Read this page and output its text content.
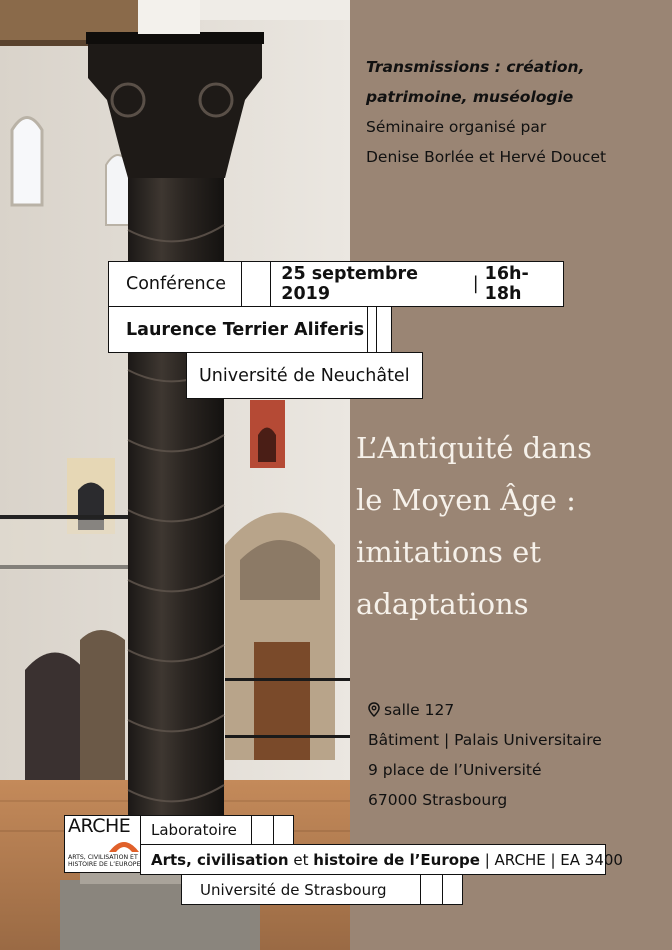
Transmissions : création,
patrimoine, muséologie
Séminaire organisé par
Denise Borlée et Hervé Doucet
Conférence	25 septembre 2019	| 16h-18h
Laurence Terrier Aliferis
Université de Neuchâtel
L’Antiquité dans
le Moyen Âge :
imitations et
adaptations
salle 127
Bâtiment | Palais Universitaire
9 place de l’Université
67000 Strasbourg
ARCHE
ARTS, CIVILISATION ET
HISTOIRE DE L’EUROPE
Laboratoire
Arts , civilisation et histoire de l’Europe | ARCHE | EA 3400
Université de Strasbourg
